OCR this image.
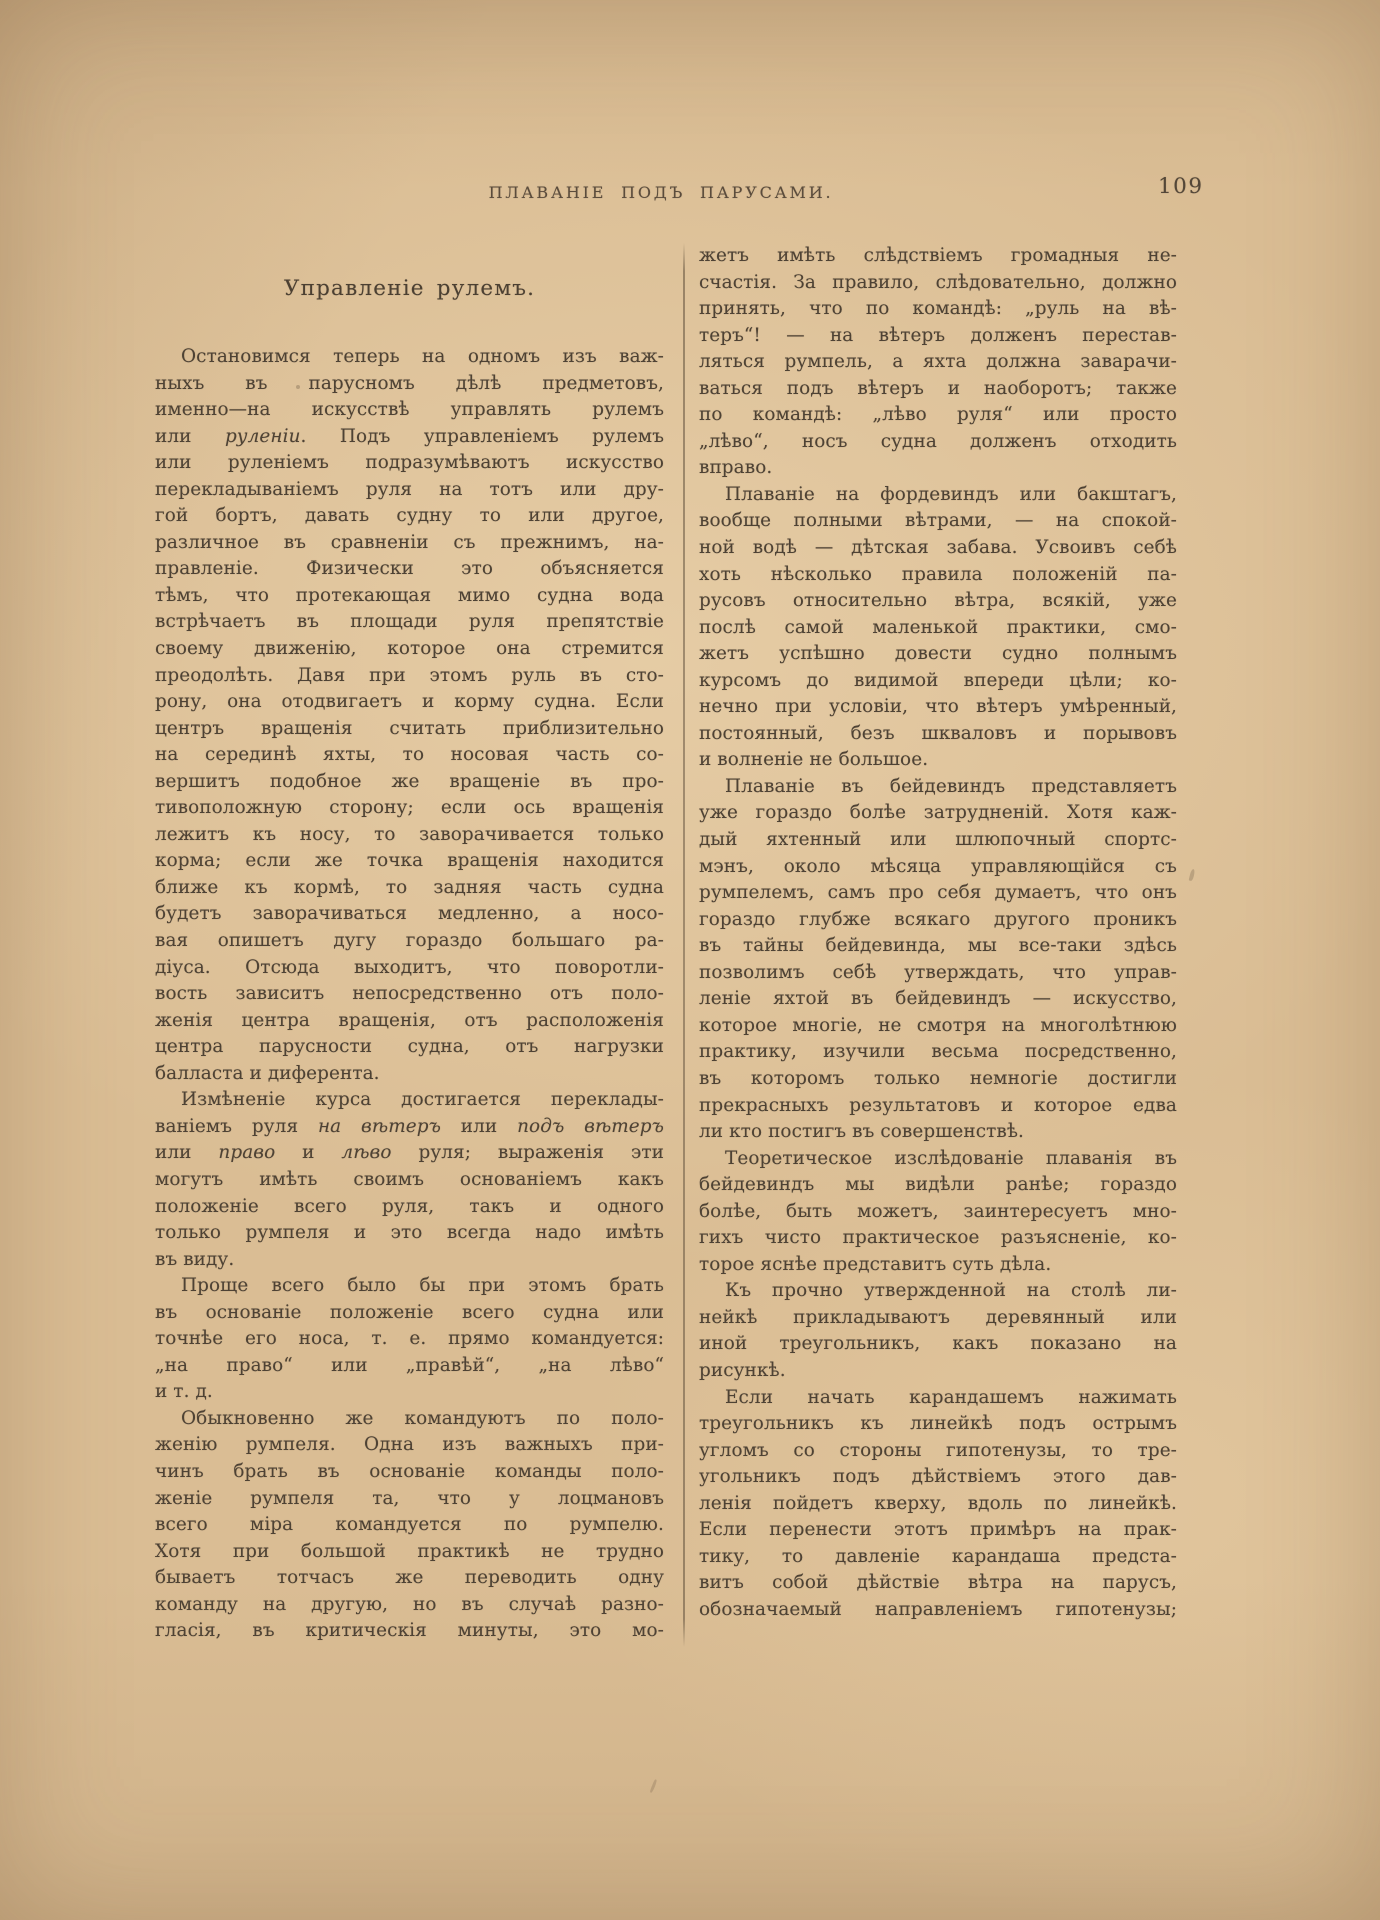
ПЛАВАНІЕ ПОДЪ ПАРУСАМИ.	109
Управленіе рулемъ.

Остановимся теперь на одномъ изъ важ-
ныхъ въ парусномъ дѣлѣ предметовъ,
именно—на искусствѣ управлять рулемъ
или руленіи. Подъ управленіемъ рулемъ
или руленіемъ подразумѣваютъ искусство
перекладываніемъ руля на тотъ или дру-
гой бортъ, давать судну то или другое,
различное въ сравненіи съ прежнимъ, на-
правленіе. Физически это объясняется
тѣмъ, что протекающая мимо судна вода
встрѣчаетъ въ площади руля препятствіе
своему движенію, которое она стремится
преодолѣть. Давя при этомъ руль въ сто-
рону, она отодвигаетъ и корму судна. Если
центръ вращенія считать приблизительно
на серединѣ яхты, то носовая часть со-
вершитъ подобное же вращеніе въ про-
тивоположную сторону; если ось вращенія
лежитъ къ носу, то заворачивается только
корма; если же точка вращенія находится
ближе къ кормѣ, то задняя часть судна
будетъ заворачиваться медленно, а носо-
вая опишетъ дугу гораздо большаго ра-
діуса. Отсюда выходитъ, что поворотли-
вость зависитъ непосредственно отъ поло-
женія центра вращенія, отъ расположенія
центра парусности судна, отъ нагрузки
балласта и диферента.

Измѣненіе курса достигается переклады-
ваніемъ руля на вѣтеръ или подъ вѣтеръ
или право и лѣво руля; выраженія эти
могутъ имѣть своимъ основаніемъ какъ
положеніе всего руля, такъ и одного
только румпеля и это всегда надо имѣть
въ виду.

Проще всего было бы при этомъ брать
въ основаніе положеніе всего судна или
точнѣе его носа, т. е. прямо командуется:
„на право“ или „правѣй“, „на лѣво“
и т. д.

Обыкновенно же командуютъ по поло-
женію румпеля. Одна изъ важныхъ при-
чинъ брать въ основаніе команды поло-
женіе румпеля та, что у лоцмановъ
всего міра командуется по румпелю.
Хотя при большой практикѣ не трудно
бываетъ тотчасъ же переводить одну
команду на другую, но въ случаѣ разно-
гласія, въ критическія минуты, это мо-

жетъ имѣть слѣдствіемъ громадныя не-
счастія. За правило, слѣдовательно, должно
принять, что по командѣ: „руль на вѣ-
теръ“! — на вѣтеръ долженъ перестав-
ляться румпель, а яхта должна заварачи-
ваться подъ вѣтеръ и наоборотъ; также
по командѣ: „лѣво руля“ или просто
„лѣво“, носъ судна долженъ отходить
вправо.

Плаваніе на фордевиндъ или бакштагъ,
вообще полными вѣтрами, — на спокой-
ной водѣ — дѣтская забава. Усвоивъ себѣ
хоть нѣсколько правила положеній па-
русовъ относительно вѣтра, всякій, уже
послѣ самой маленькой практики, смо-
жетъ успѣшно довести судно полнымъ
курсомъ до видимой впереди цѣли; ко-
нечно при условіи, что вѣтеръ умѣренный,
постоянный, безъ шкваловъ и порывовъ
и волненіе не большое.

Плаваніе въ бейдевиндъ представляетъ
уже гораздо болѣе затрудненій. Хотя каж-
дый яхтенный или шлюпочный спортс-
мэнъ, около мѣсяца управляющійся съ
румпелемъ, самъ про себя думаетъ, что онъ
гораздо глубже всякаго другого проникъ
въ тайны бейдевинда, мы все-таки здѣсь
позволимъ себѣ утверждать, что управ-
леніе яхтой въ бейдевиндъ — искусство,
которое многіе, не смотря на многолѣтнюю
практику, изучили весьма посредственно,
въ которомъ только немногіе достигли
прекрасныхъ результатовъ и которое едва
ли кто постигъ въ совершенствѣ.

Теоретическое изслѣдованіе плаванія въ
бейдевиндъ мы видѣли ранѣе; гораздо
болѣе, быть можетъ, заинтересуетъ мно-
гихъ чисто практическое разъясненіе, ко-
торое яснѣе представитъ суть дѣла.

Къ прочно утвержденной на столѣ ли-
нейкѣ прикладываютъ деревянный или
иной треугольникъ, какъ показано на
рисункѣ.

Если начать карандашемъ нажимать
треугольникъ къ линейкѣ подъ острымъ
угломъ со стороны гипотенузы, то тре-
угольникъ подъ дѣйствіемъ этого дав-
ленія пойдетъ кверху, вдоль по линейкѣ.
Если перенести этотъ примѣръ на прак-
тику, то давленіе карандаша предста-
витъ собой дѣйствіе вѣтра на парусъ,
обозначаемый направленіемъ гипотенузы;
